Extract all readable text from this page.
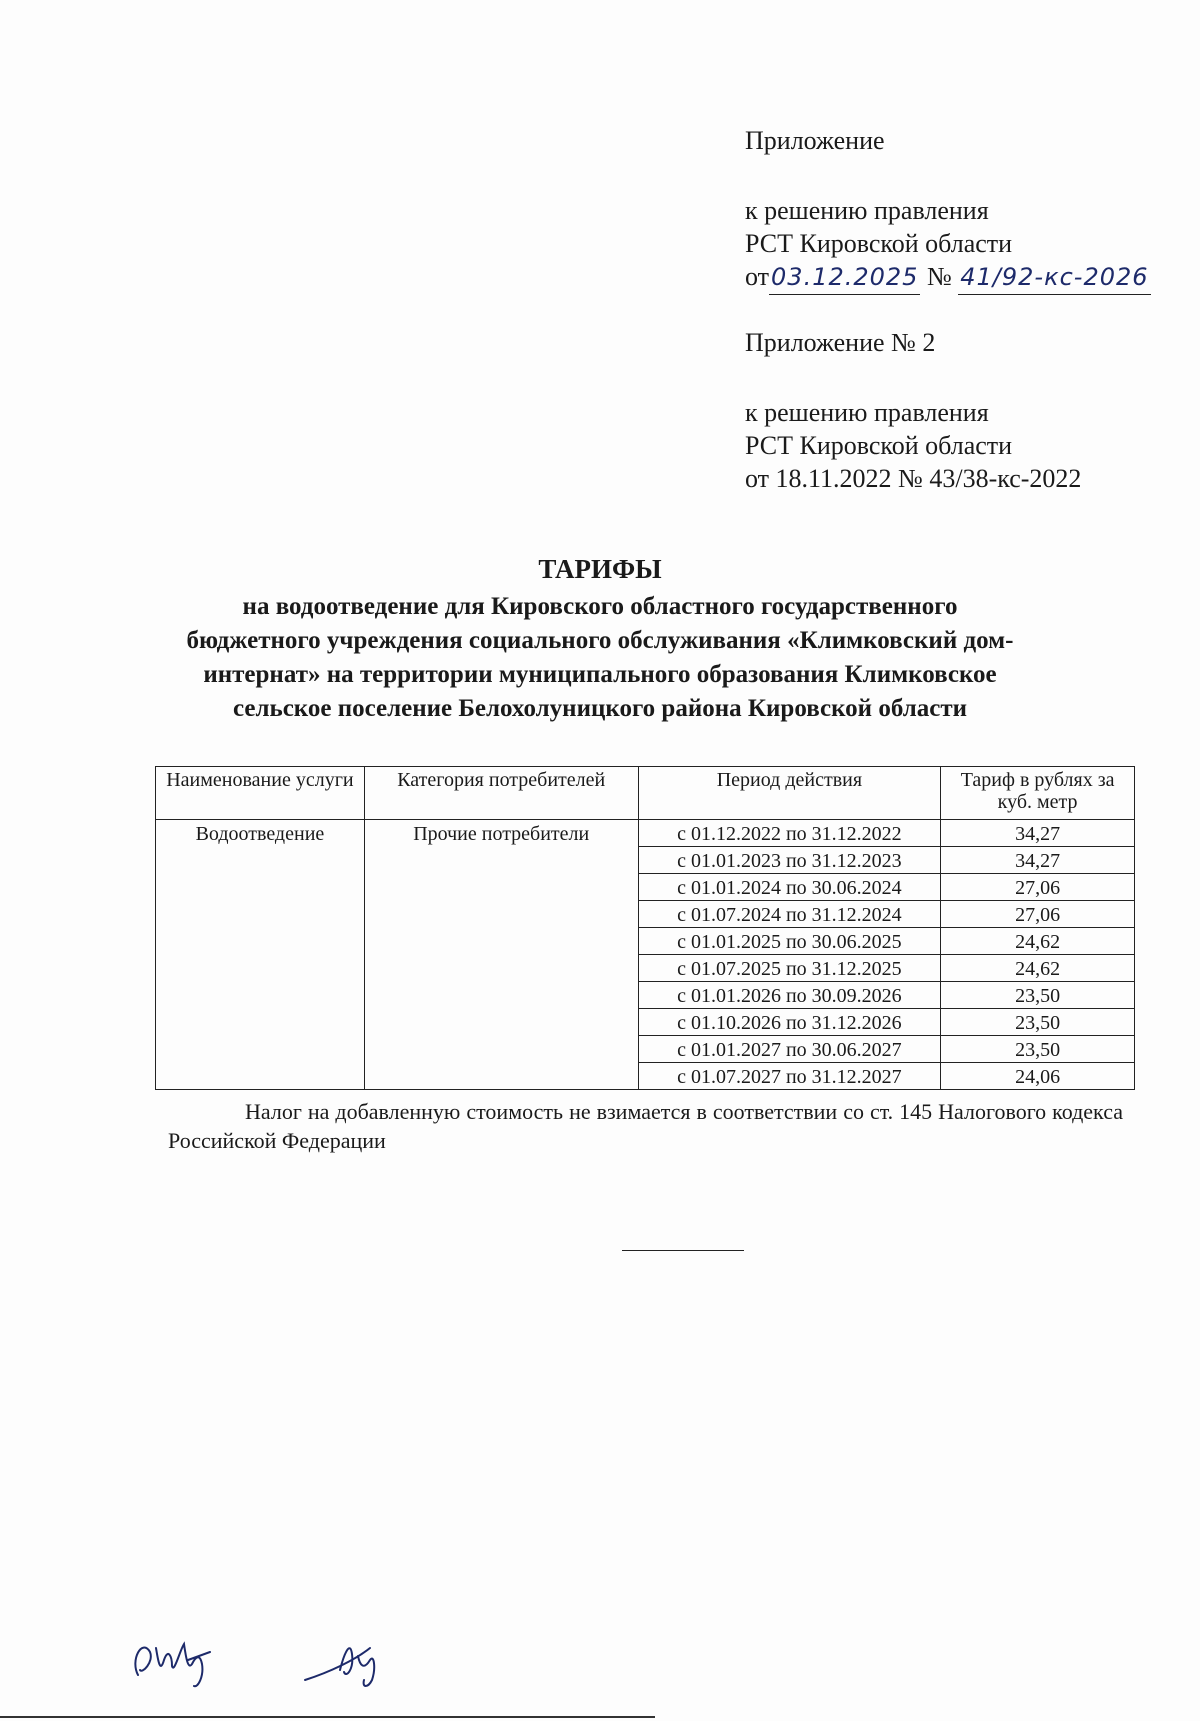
Приложение

к решению правления

РСТ Кировской области

от03.12.2025 № 41/92-кс-2026

Приложение № 2

к решению правления

РСТ Кировской области

от 18.11.2022 № 43/38-кс-2022

ТАРИФЫ

на водоотведение для Кировского областного государственного

бюджетного учреждения социального обслуживания «Климковский дом-

интернат» на территории муниципального образования Климковское

сельское поселение Белохолуницкого района Кировской области

Наименование услуги	Категория потребителей	Период действия	Тариф в рублях за куб. метр
Водоотведение	Прочие потребители	с 01.12.2022 по 31.12.2022	34,27
		с 01.01.2023 по 31.12.2023	34,27
		с 01.01.2024 по 30.06.2024	27,06
		с 01.07.2024 по 31.12.2024	27,06
		с 01.01.2025 по 30.06.2025	24,62
		с 01.07.2025 по 31.12.2025	24,62
		с 01.01.2026 по 30.09.2026	23,50
		с 01.10.2026 по 31.12.2026	23,50
		с 01.01.2027 по 30.06.2027	23,50
		с 01.07.2027 по 31.12.2027	24,06

Налог на добавленную стоимость не взимается в соответствии со ст. 145 Налогового кодекса Российской Федерации
